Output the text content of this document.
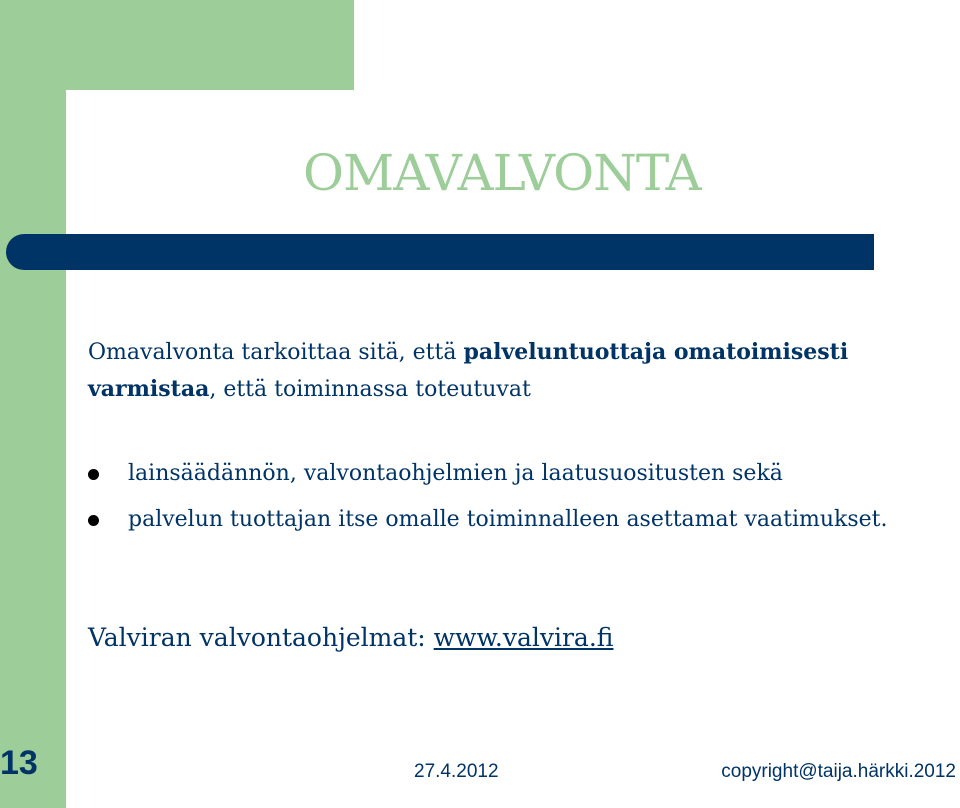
OMAVALVONTA

Omavalvonta tarkoittaa sitä, että palveluntuottaja omatoimisesti varmistaa, että toiminnassa toteutuvat

lainsäädännön, valvontaohjelmien ja laatusuositusten sekä
palvelun tuottajan itse omalle toiminnalleen asettamat vaatimukset.

Valviran valvontaohjelmat: www.valvira.fi

13	27.4.2012	copyright@taija.härkki.2012
